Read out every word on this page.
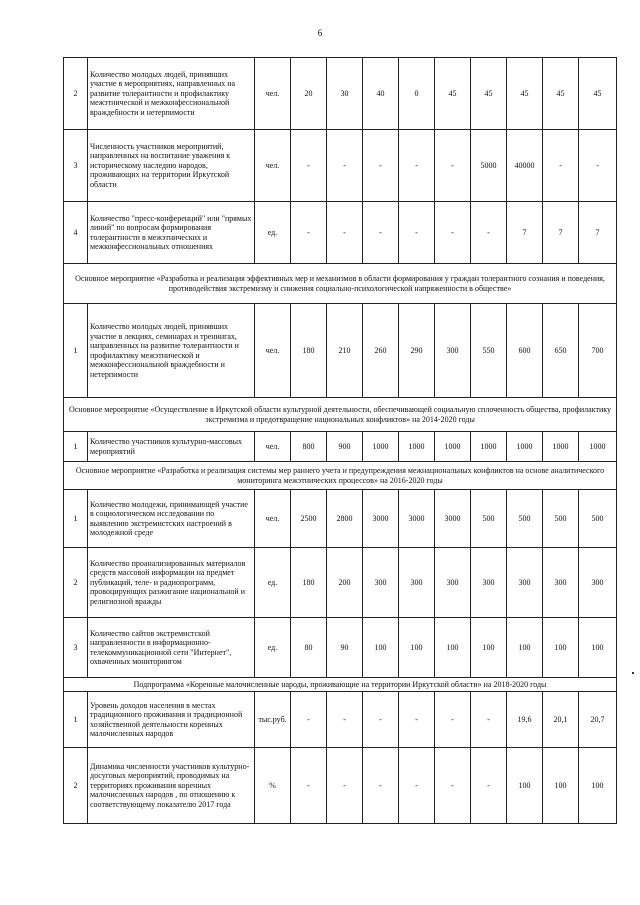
6
2	Количество молодых людей, принявших участие в мероприятиях, направленных на развитие толерантности и профилактику межэтнической и межконфессиональной враждебности и нетерпимости	чел.	20	30	40	0	45	45	45	45	45
3	Численность участников мероприятий, направленных на воспитание уважения к историческому наследию народов, проживающих на территории Иркутской области	чел.	-	-	-	-	-	5000	40000	-	-
4	Количество "пресс-конференций" или "прямых линий" по вопросам формирования толерантности в межэтнических и межконфессиональных отношениях	ед.	-	-	-	-	-	-	7	7	7
Основное мероприятие «Разработка и реализация эффективных мер и механизмов в области формирования у граждан толерантного сознания и поведения, противодействия экстремизму и снижения социально-психологической напряженности в обществе»											
1	Количество молодых людей, принявших участие в лекциях, семинарах и тренингах, направленных на развитие толерантности и профилактику межэтнической и межконфессиональной враждебности и нетерпимости	чел.	180	210	260	290	300	550	600	650	700
Основное мероприятие «Осуществление в Иркутской области культурной деятельности, обеспечивающей социальную сплоченность общества, профилактику экстремизма и предотвращение национальных конфликтов» на 2014-2020 годы											
1	Количество участников культурно-массовых мероприятий	чел.	800	900	1000	1000	1000	1000	1000	1000	1000
Основное мероприятие «Разработка и реализация системы мер раннего учета и предупреждения межнациональных конфликтов на основе аналитического мониторинга межэтнических процессов» на 2016-2020 годы											
1	Количество молодежи, принимающей участие в социологическом исследовании по выявлению экстремистских настроений в молодежной среде	чел.	2500	2800	3000	3000	3000	500	500	500	500
2	Количество проанализированных материалов средств массовой информации на предмет публикаций, теле- и радиопрограмм, провоцирующих разжигание национальной и религиозной вражды	ед.	180	200	300	300	300	300	300	300	300
3	Количество сайтов экстремистской направленности в информационно-телекоммуникационной сети "Интернет", охваченных мониторингом	ед.	80	90	100	100	100	100	100	100	100
Подпрограмма «Коренные малочисленные народы, проживающие на территории Иркутской области» на 2018-2020 годы											
1	Уровень доходов населения в местах традиционного проживания и традиционной хозяйственной деятельности коренных малочисленных народов	тыс.руб.	-	-	-	-	-	-	19,6	20,1	20,7
2	Динамика численности участников культурно-досуговых мероприятий, проводимых на территориях проживания коренных малочисленных народов , по отношению к соответствующему показателю 2017 года	%	-	-	-	-	-	-	100	100	100
